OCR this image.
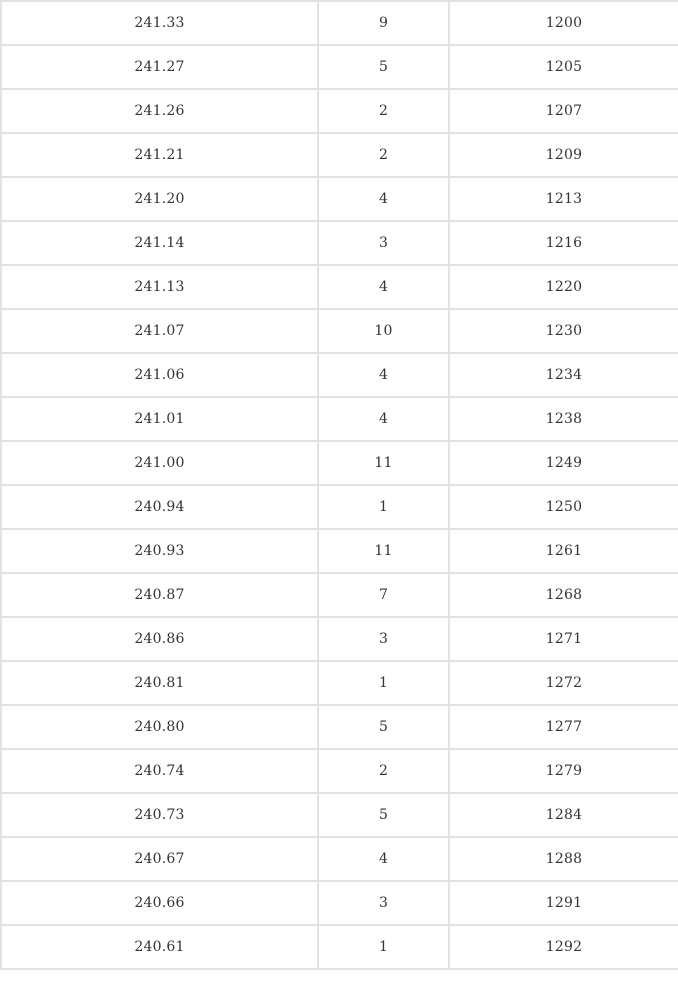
241.33	9	1200
241.27	5	1205
241.26	2	1207
241.21	2	1209
241.20	4	1213
241.14	3	1216
241.13	4	1220
241.07	10	1230
241.06	4	1234
241.01	4	1238
241.00	11	1249
240.94	1	1250
240.93	11	1261
240.87	7	1268
240.86	3	1271
240.81	1	1272
240.80	5	1277
240.74	2	1279
240.73	5	1284
240.67	4	1288
240.66	3	1291
240.61	1	1292
